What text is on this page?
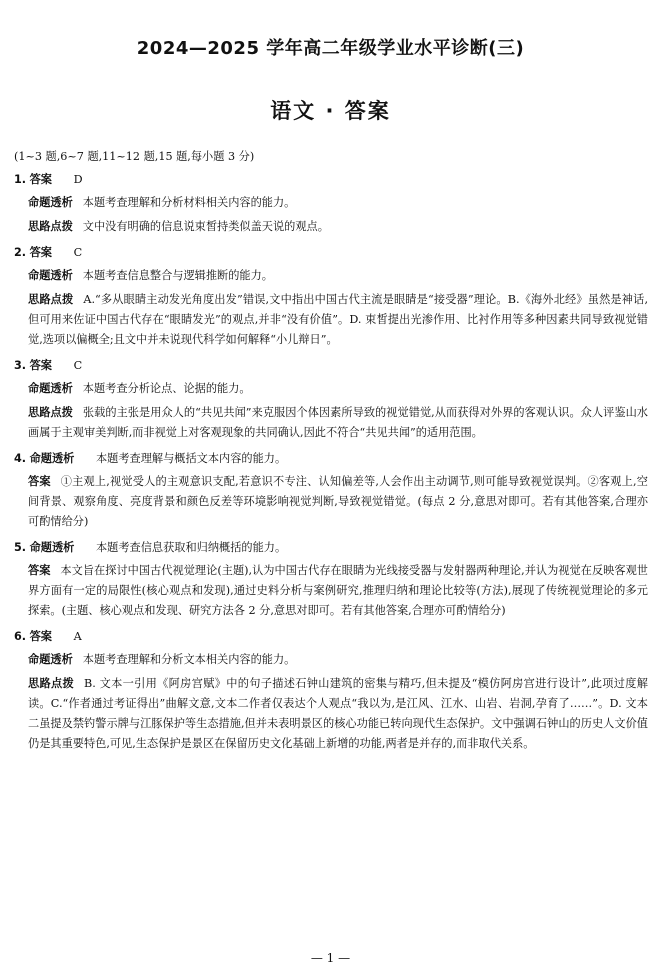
2024—2025 学年高二年级学业水平诊断(三)
语文 · 答案
(1~3 题,6~7 题,11~12 题,15 题,每小题 3 分)
1. 答案 D
命题透析 本题考查理解和分析材料相关内容的能力。
思路点拨 文中没有明确的信息说束皙持类似盖天说的观点。
2. 答案 C
命题透析 本题考查信息整合与逻辑推断的能力。
思路点拨 A.“多从眼睛主动发光角度出发”错误,文中指出中国古代主流是眼睛是“接受器”理论。B.《海外北经》虽然是神话,但可用来佐证中国古代存在“眼睛发光”的观点,并非“没有价值”。D. 束皙提出光渗作用、比衬作用等多种因素共同导致视觉错觉,选项以偏概全;且文中并未说现代科学如何解释“小儿辩日”。
3. 答案 C
命题透析 本题考查分析论点、论据的能力。
思路点拨 张载的主张是用众人的“共见共闻”来克服因个体因素所导致的视觉错觉,从而获得对外界的客观认识。众人评鉴山水画属于主观审美判断,而非视觉上对客观现象的共同确认,因此不符合“共见共闻”的适用范围。
4. 命题透析 本题考查理解与概括文本内容的能力。
答案 ①主观上,视觉受人的主观意识支配,若意识不专注、认知偏差等,人会作出主动调节,则可能导致视觉误判。②客观上,空间背景、观察角度、亮度背景和颜色反差等环境影响视觉判断,导致视觉错觉。(每点 2 分,意思对即可。若有其他答案,合理亦可酌情给分)
5. 命题透析 本题考查信息获取和归纳概括的能力。
答案 本文旨在探讨中国古代视觉理论(主题),认为中国古代存在眼睛为光线接受器与发射器两种理论,并认为视觉在反映客观世界方面有一定的局限性(核心观点和发现),通过史料分析与案例研究,推理归纳和理论比较等(方法),展现了传统视觉理论的多元探索。(主题、核心观点和发现、研究方法各 2 分,意思对即可。若有其他答案,合理亦可酌情给分)
6. 答案 A
命题透析 本题考查理解和分析文本相关内容的能力。
思路点拨 B. 文本一引用《阿房宫赋》中的句子描述石钟山建筑的密集与精巧,但未提及“模仿阿房宫进行设计”,此项过度解读。C.“作者通过考证得出”曲解文意,文本二作者仅表达个人观点“我以为,是江风、江水、山岩、岩洞,孕育了……”。D. 文本二虽提及禁钓警示牌与江豚保护等生态措施,但并未表明景区的核心功能已转向现代生态保护。文中强调石钟山的历史人文价值仍是其重要特色,可见,生态保护是景区在保留历史文化基础上新增的功能,两者是并存的,而非取代关系。
— 1 —
